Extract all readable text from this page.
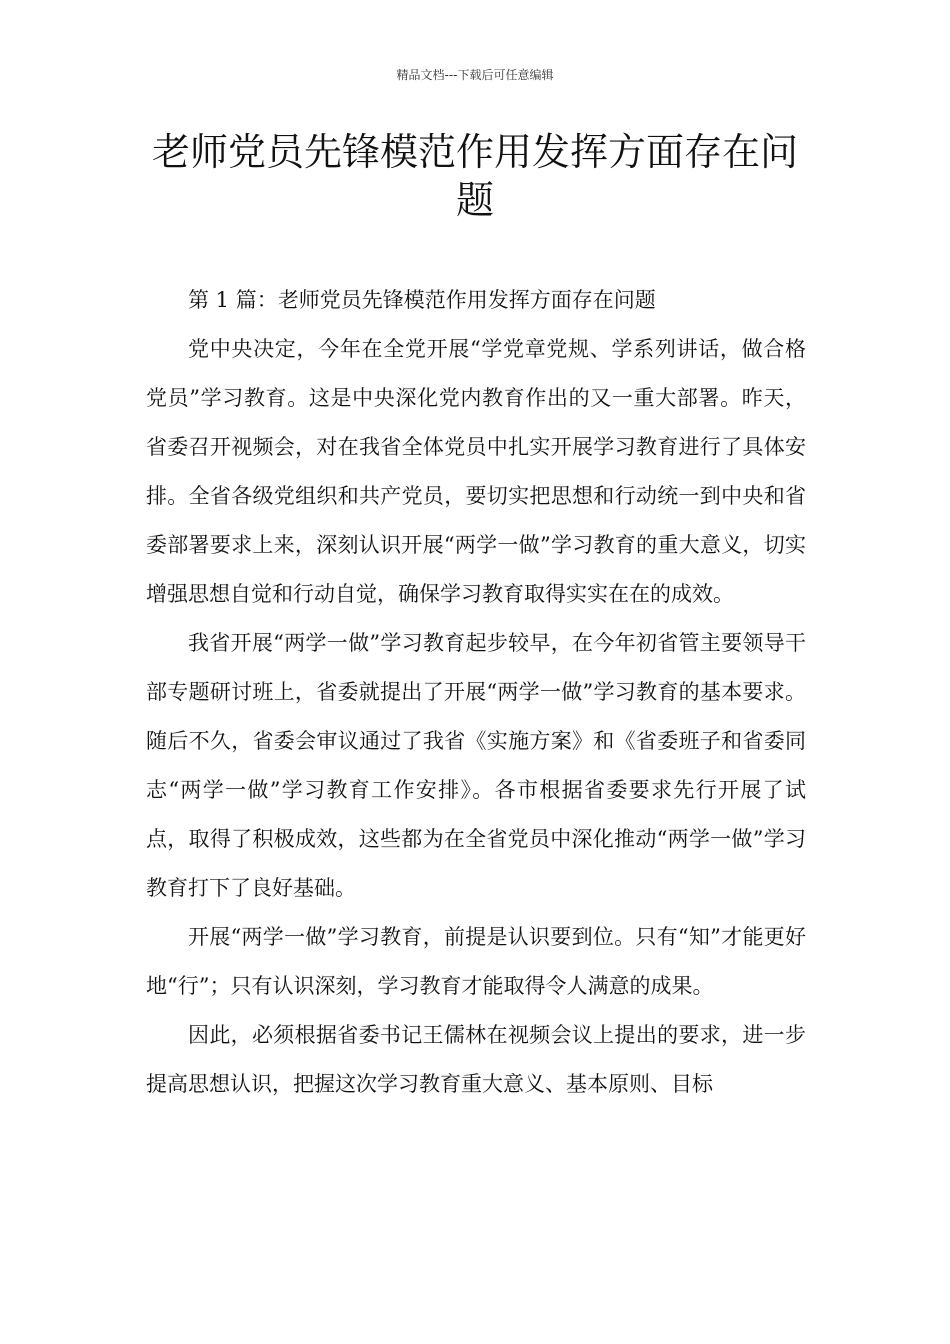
精品文档---下载后可任意编辑
老师党员先锋模范作用发挥方面存在问题

第 1 篇：老师党员先锋模范作用发挥方面存在问题

党中央决定，今年在全党开展“学党章党规、学系列讲话，做合格党员”学习教育。这是中央深化党内教育作出的又一重大部署。昨天，省委召开视频会，对在我省全体党员中扎实开展学习教育进行了具体安排。全省各级党组织和共产党员，要切实把思想和行动统一到中央和省委部署要求上来，深刻认识开展“两学一做”学习教育的重大意义，切实增强思想自觉和行动自觉，确保学习教育取得实实在在的成效。

我省开展“两学一做”学习教育起步较早，在今年初省管主要领导干部专题研讨班上，省委就提出了开展“两学一做”学习教育的基本要求。随后不久，省委会审议通过了我省《实施方案》和《省委班子和省委同志“两学一做”学习教育工作安排》。各市根据省委要求先行开展了试点，取得了积极成效，这些都为在全省党员中深化推动“两学一做”学习教育打下了良好基础。

开展“两学一做”学习教育，前提是认识要到位。只有“知”才能更好地“行”；只有认识深刻，学习教育才能取得令人满意的成果。

因此，必须根据省委书记王儒林在视频会议上提出的要求，进一步提高思想认识，把握这次学习教育重大意义、基本原则、目标
